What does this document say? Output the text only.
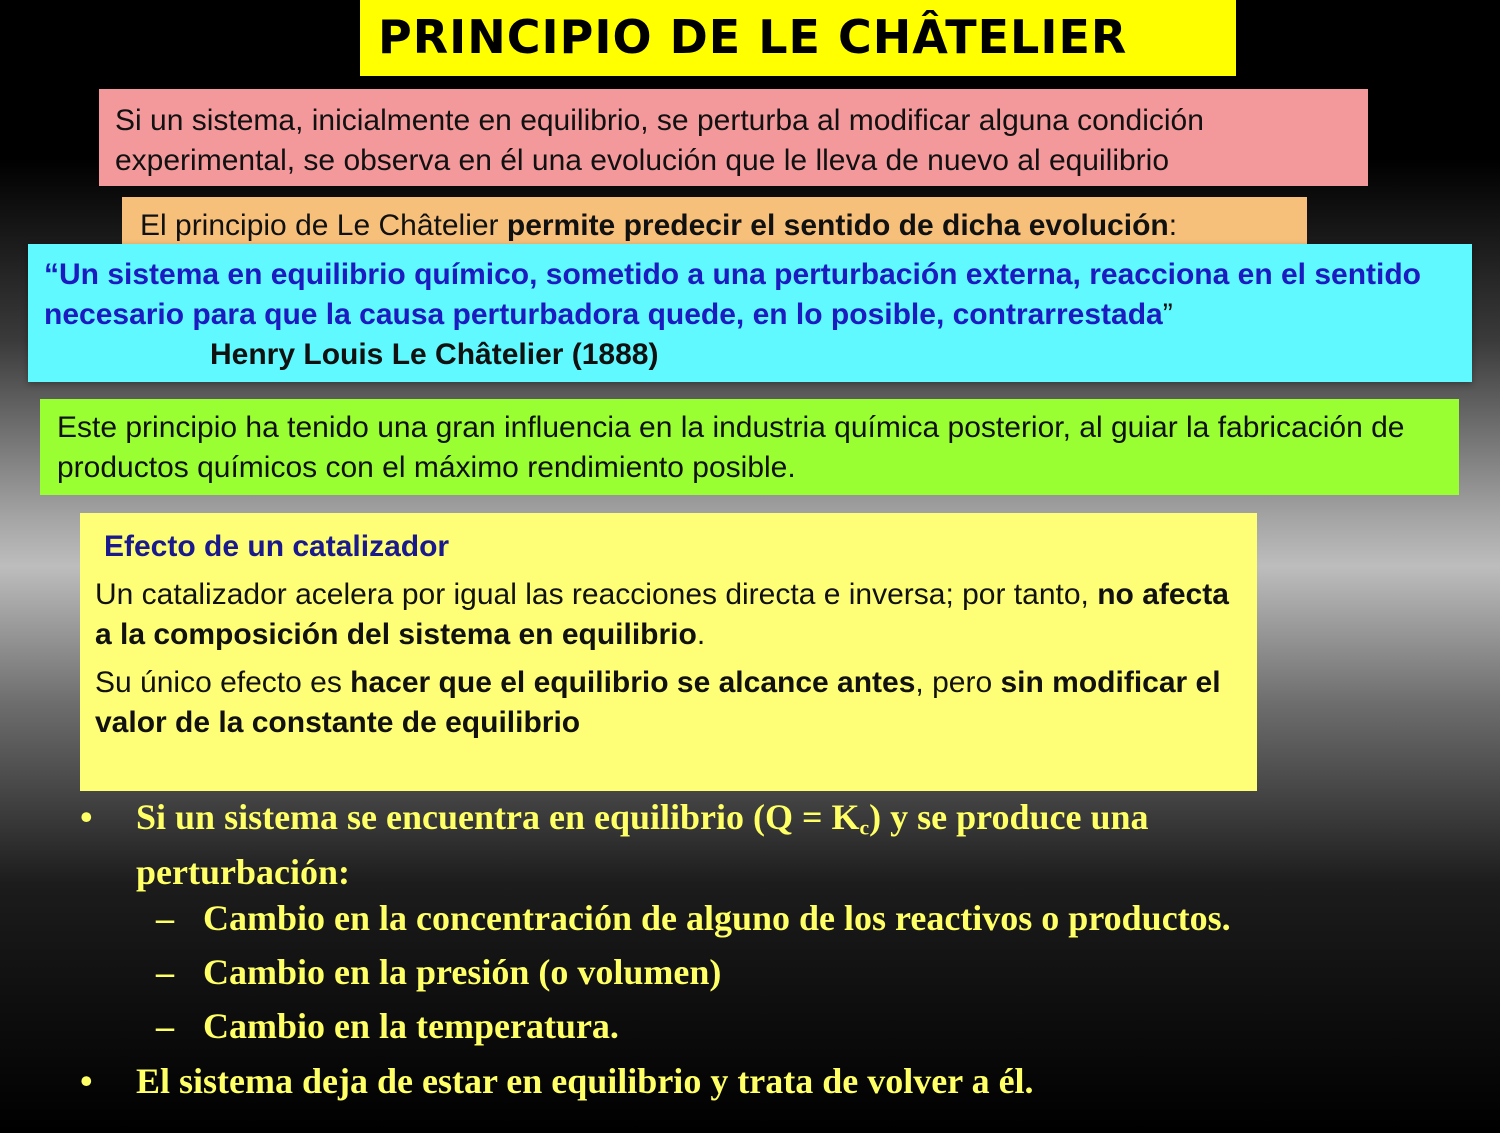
PRINCIPIO DE LE CHÂTELIER
Si un sistema, inicialmente en equilibrio, se perturba al modificar alguna condición experimental, se observa en él una evolución que le lleva de nuevo al equilibrio
El principio de Le Châtelier permite predecir el sentido de dicha evolución:

“Un sistema en equilibrio químico, sometido a una perturbación externa, reacciona en el sentido necesario para que la causa perturbadora quede, en lo posible, contrarrestada”

Henry Louis Le Châtelier (1888)

Este principio ha tenido una gran influencia en la industria química posterior, al guiar la fabricación de productos químicos con el máximo rendimiento posible.

Efecto de un catalizador

Un catalizador acelera por igual las reacciones directa e inversa; por tanto, no afecta a la composición del sistema en equilibrio.

Su único efecto es hacer que el equilibrio se alcance antes, pero sin modificar el valor de la constante de equilibrio

• Si un sistema se encuentra en equilibrio $(Q = K_c)$ y se produce una perturbación:
– Cambio en la concentración de alguno de los reactivos o productos.
– Cambio en la presión (o volumen)
– Cambio en la temperatura.
• El sistema deja de estar en equilibrio y trata de volver a él.
